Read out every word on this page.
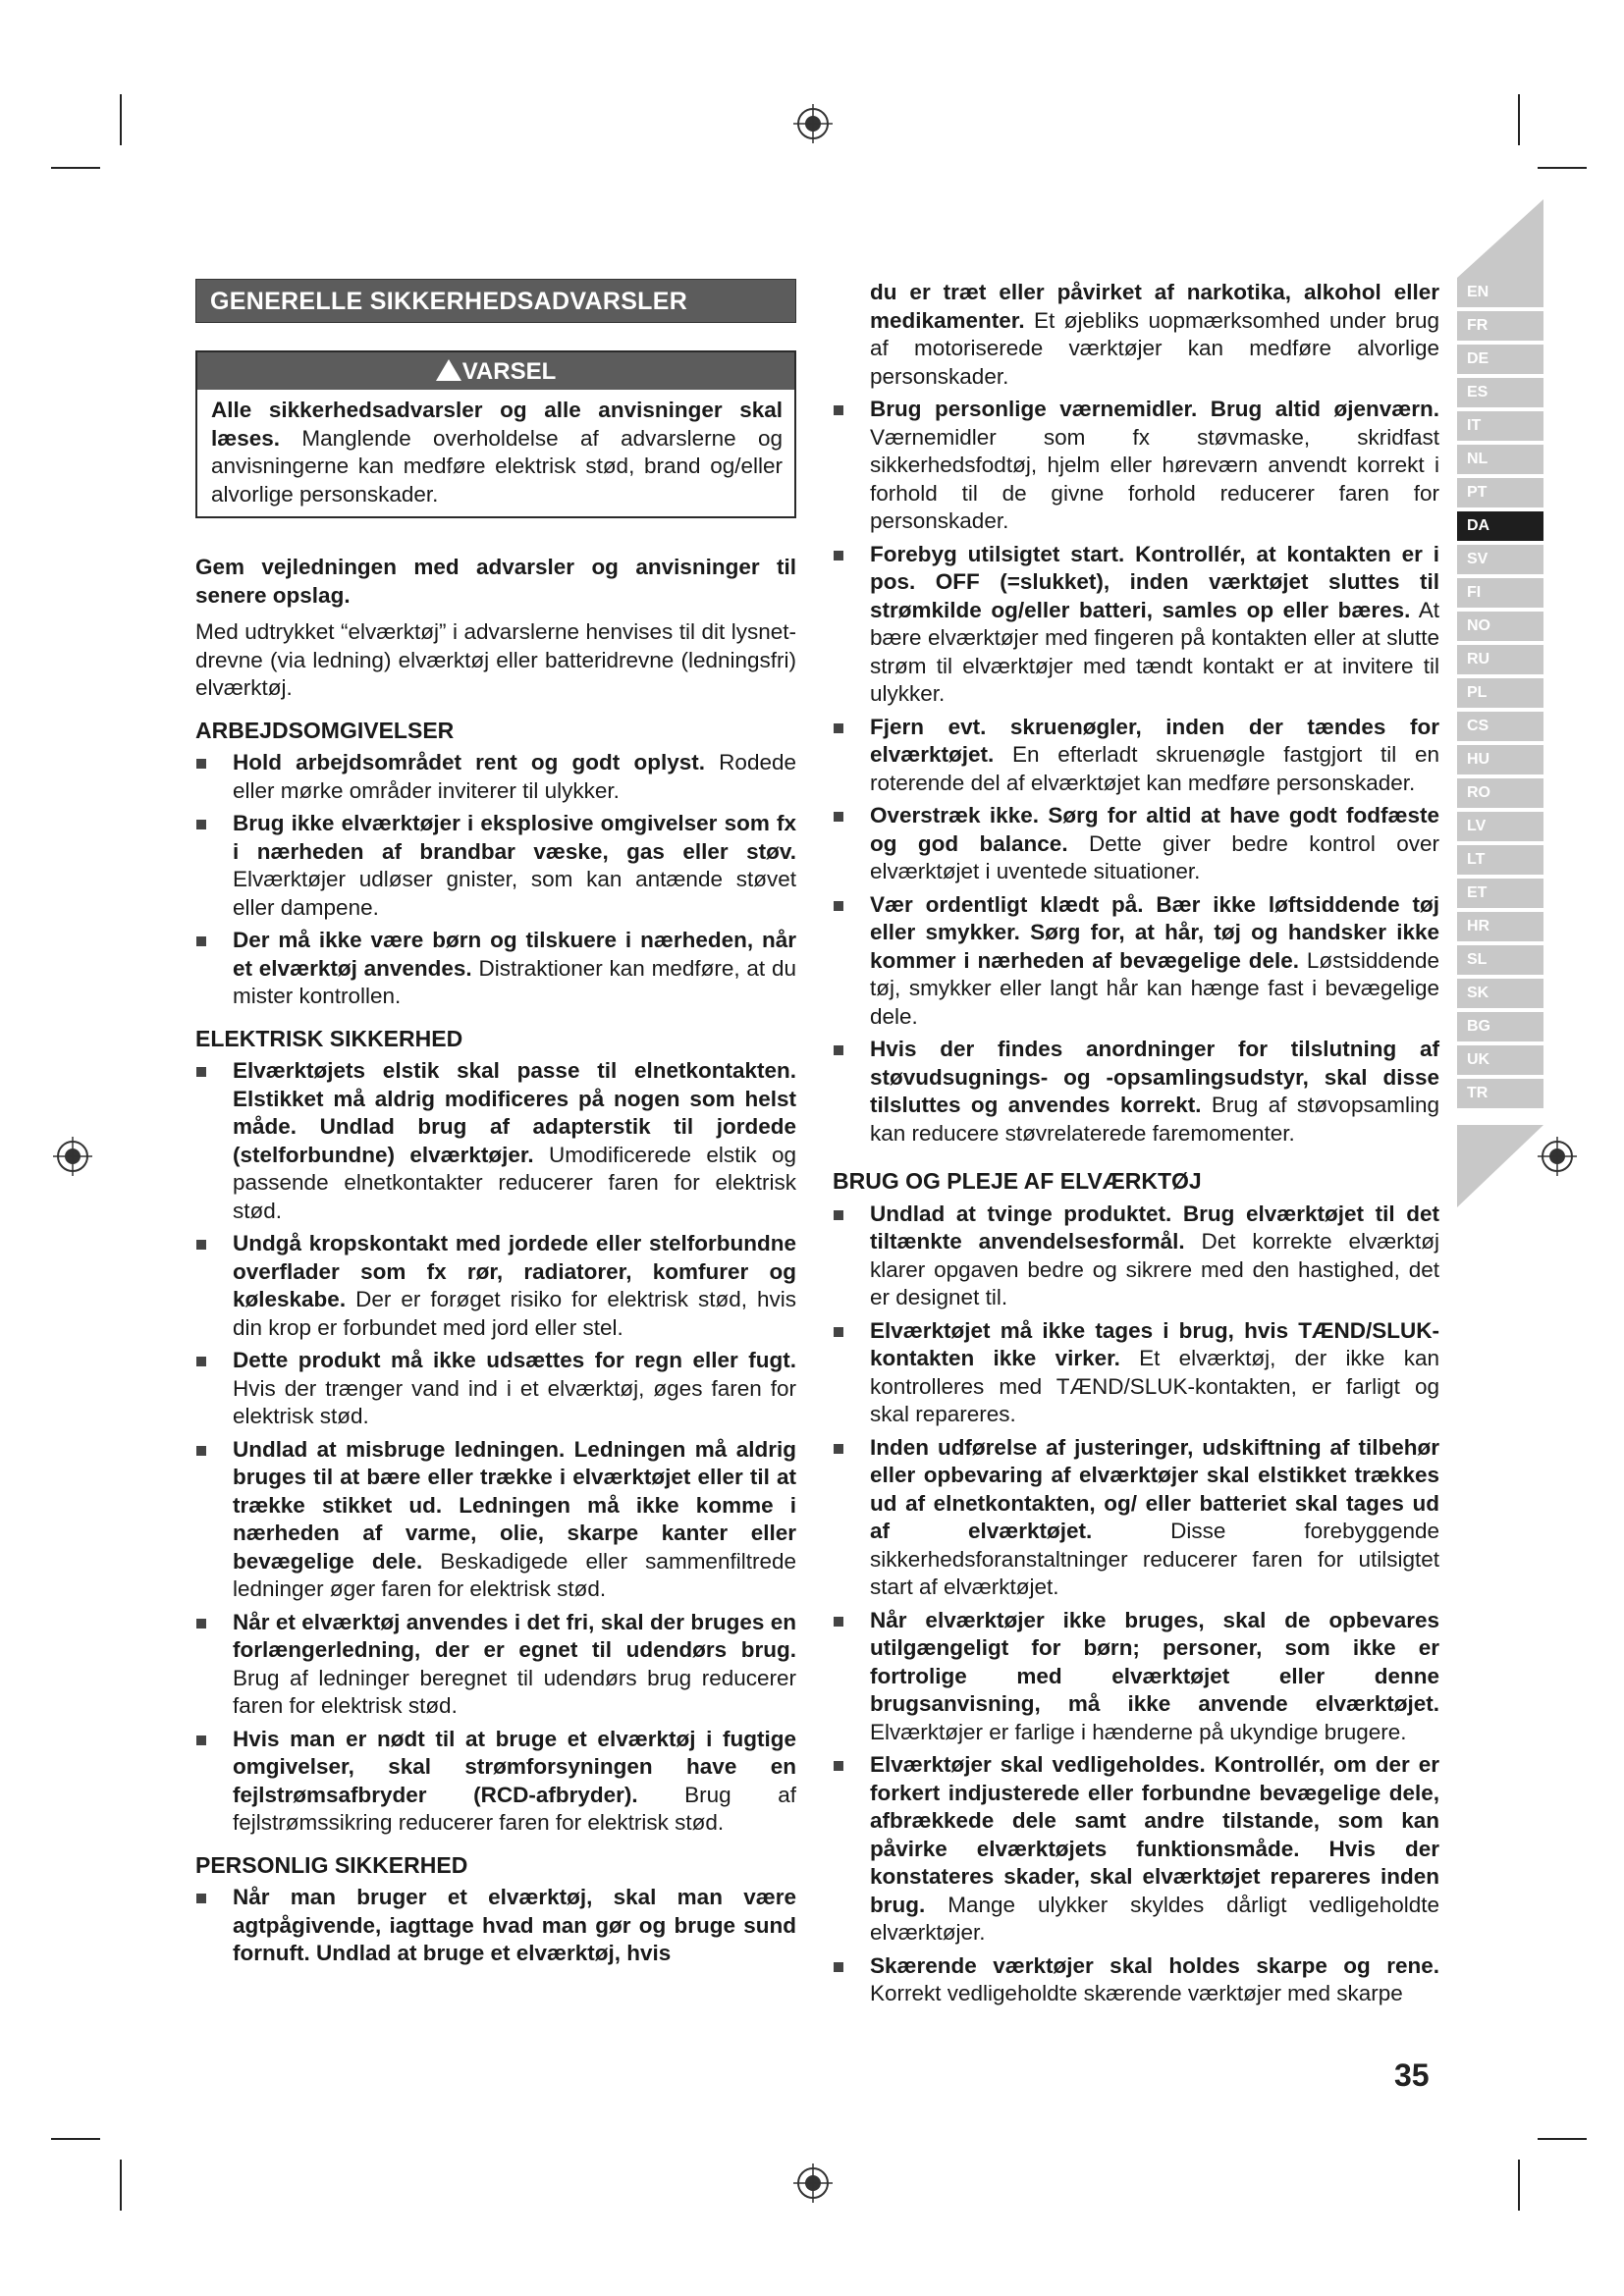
GENERELLE SIKKERHEDSADVARSLER
VARSEL
Alle sikkerhedsadvarsler og alle anvisninger skal læses. Manglende overholdelse af advarslerne og anvisningerne kan medføre elektrisk stød, brand og/eller alvorlige personskader.

Gem vejledningen med advarsler og anvisninger til senere opslag.

Med udtrykket “elværktøj” i advarslerne henvises til dit lysnet-drevne (via ledning) elværktøj eller batteridrevne (ledningsfri) elværktøj.

ARBEJDSOMGIVELSER
Hold arbejdsområdet rent og godt oplyst. Rodede eller mørke områder inviterer til ulykker.
Brug ikke elværktøjer i eksplosive omgivelser som fx i nærheden af brandbar væske, gas eller støv. Elværktøjer udløser gnister, som kan antænde støvet eller dampene.
Der må ikke være børn og tilskuere i nærheden, når et elværktøj anvendes. Distraktioner kan medføre, at du mister kontrollen.
ELEKTRISK SIKKERHED
Elværktøjets elstik skal passe til elnetkontakten. Elstikket må aldrig modificeres på nogen som helst måde. Undlad brug af adapterstik til jordede (stelforbundne) elværktøjer. Umodificerede elstik og passende elnetkontakter reducerer faren for elektrisk stød.
Undgå kropskontakt med jordede eller stelforbundne overflader som fx rør, radiatorer, komfurer og køleskabe. Der er forøget risiko for elektrisk stød, hvis din krop er forbundet med jord eller stel.
Dette produkt må ikke udsættes for regn eller fugt. Hvis der trænger vand ind i et elværktøj, øges faren for elektrisk stød.
Undlad at misbruge ledningen. Ledningen må aldrig bruges til at bære eller trække i elværktøjet eller til at trække stikket ud. Ledningen må ikke komme i nærheden af varme, olie, skarpe kanter eller bevægelige dele. Beskadigede eller sammenfiltrede ledninger øger faren for elektrisk stød.
Når et elværktøj anvendes i det fri, skal der bruges en forlængerledning, der er egnet til udendørs brug. Brug af ledninger beregnet til udendørs brug reducerer faren for elektrisk stød.
Hvis man er nødt til at bruge et elværktøj i fugtige omgivelser, skal strømforsyningen have en fejlstrømsafbryder (RCD-afbryder). Brug af fejlstrømssikring reducerer faren for elektrisk stød.
PERSONLIG SIKKERHED
Når man bruger et elværktøj, skal man være agtpågivende, iagttage hvad man gør og bruge sund fornuft. Undlad at bruge et elværktøj, hvis
du er træt eller påvirket af narkotika, alkohol eller medikamenter. Et øjebliks uopmærksomhed under brug af motoriserede værktøjer kan medføre alvorlige personskader.
Brug personlige værnemidler. Brug altid øjenværn. Værnemidler som fx støvmaske, skridfast sikkerhedsfodtøj, hjelm eller høreværn anvendt korrekt i forhold til de givne forhold reducerer faren for personskader.
Forebyg utilsigtet start. Kontrollér, at kontakten er i pos. OFF (=slukket), inden værktøjet sluttes til strømkilde og/eller batteri, samles op eller bæres. At bære elværktøjer med fingeren på kontakten eller at slutte strøm til elværktøjer med tændt kontakt er at invitere til ulykker.
Fjern evt. skruenøgler, inden der tændes for elværktøjet. En efterladt skruenøgle fastgjort til en roterende del af elværktøjet kan medføre personskader.
Overstræk ikke. Sørg for altid at have godt fodfæste og god balance. Dette giver bedre kontrol over elværktøjet i uventede situationer.
Vær ordentligt klædt på. Bær ikke løftsiddende tøj eller smykker. Sørg for, at hår, tøj og handsker ikke kommer i nærheden af bevægelige dele. Løstsiddende tøj, smykker eller langt hår kan hænge fast i bevægelige dele.
Hvis der findes anordninger for tilslutning af støvudsugnings- og -opsamlingsudstyr, skal disse tilsluttes og anvendes korrekt. Brug af støvopsamling kan reducere støvrelaterede faremomenter.
BRUG OG PLEJE AF ELVÆRKTØJ
Undlad at tvinge produktet. Brug elværktøjet til det tiltænkte anvendelsesformål. Det korrekte elværktøj klarer opgaven bedre og sikrere med den hastighed, det er designet til.
Elværktøjet må ikke tages i brug, hvis TÆND/SLUK-kontakten ikke virker. Et elværktøj, der ikke kan kontrolleres med TÆND/SLUK-kontakten, er farligt og skal repareres.
Inden udførelse af justeringer, udskiftning af tilbehør eller opbevaring af elværktøjer skal elstikket trækkes ud af elnetkontakten, og/ eller batteriet skal tages ud af elværktøjet. Disse forebyggende sikkerhedsforanstaltninger reducerer faren for utilsigtet start af elværktøjet.
Når elværktøjer ikke bruges, skal de opbevares utilgængeligt for børn; personer, som ikke er fortrolige med elværktøjet eller denne brugsanvisning, må ikke anvende elværktøjet. Elværktøjer er farlige i hænderne på ukyndige brugere.
Elværktøjer skal vedligeholdes. Kontrollér, om der er forkert indjusterede eller forbundne bevægelige dele, afbrækkede dele samt andre tilstande, som kan påvirke elværktøjets funktionsmåde. Hvis der konstateres skader, skal elværktøjet repareres inden brug. Mange ulykker skyldes dårligt vedligeholdte elværktøjer.
Skærende værktøjer skal holdes skarpe og rene. Korrekt vedligeholdte skærende værktøjer med skarpe
EN
FR
DE
ES
IT
NL
PT
DA
SV
FI
NO
RU
PL
CS
HU
RO
LV
LT
ET
HR
SL
SK
BG
UK
TR
35
